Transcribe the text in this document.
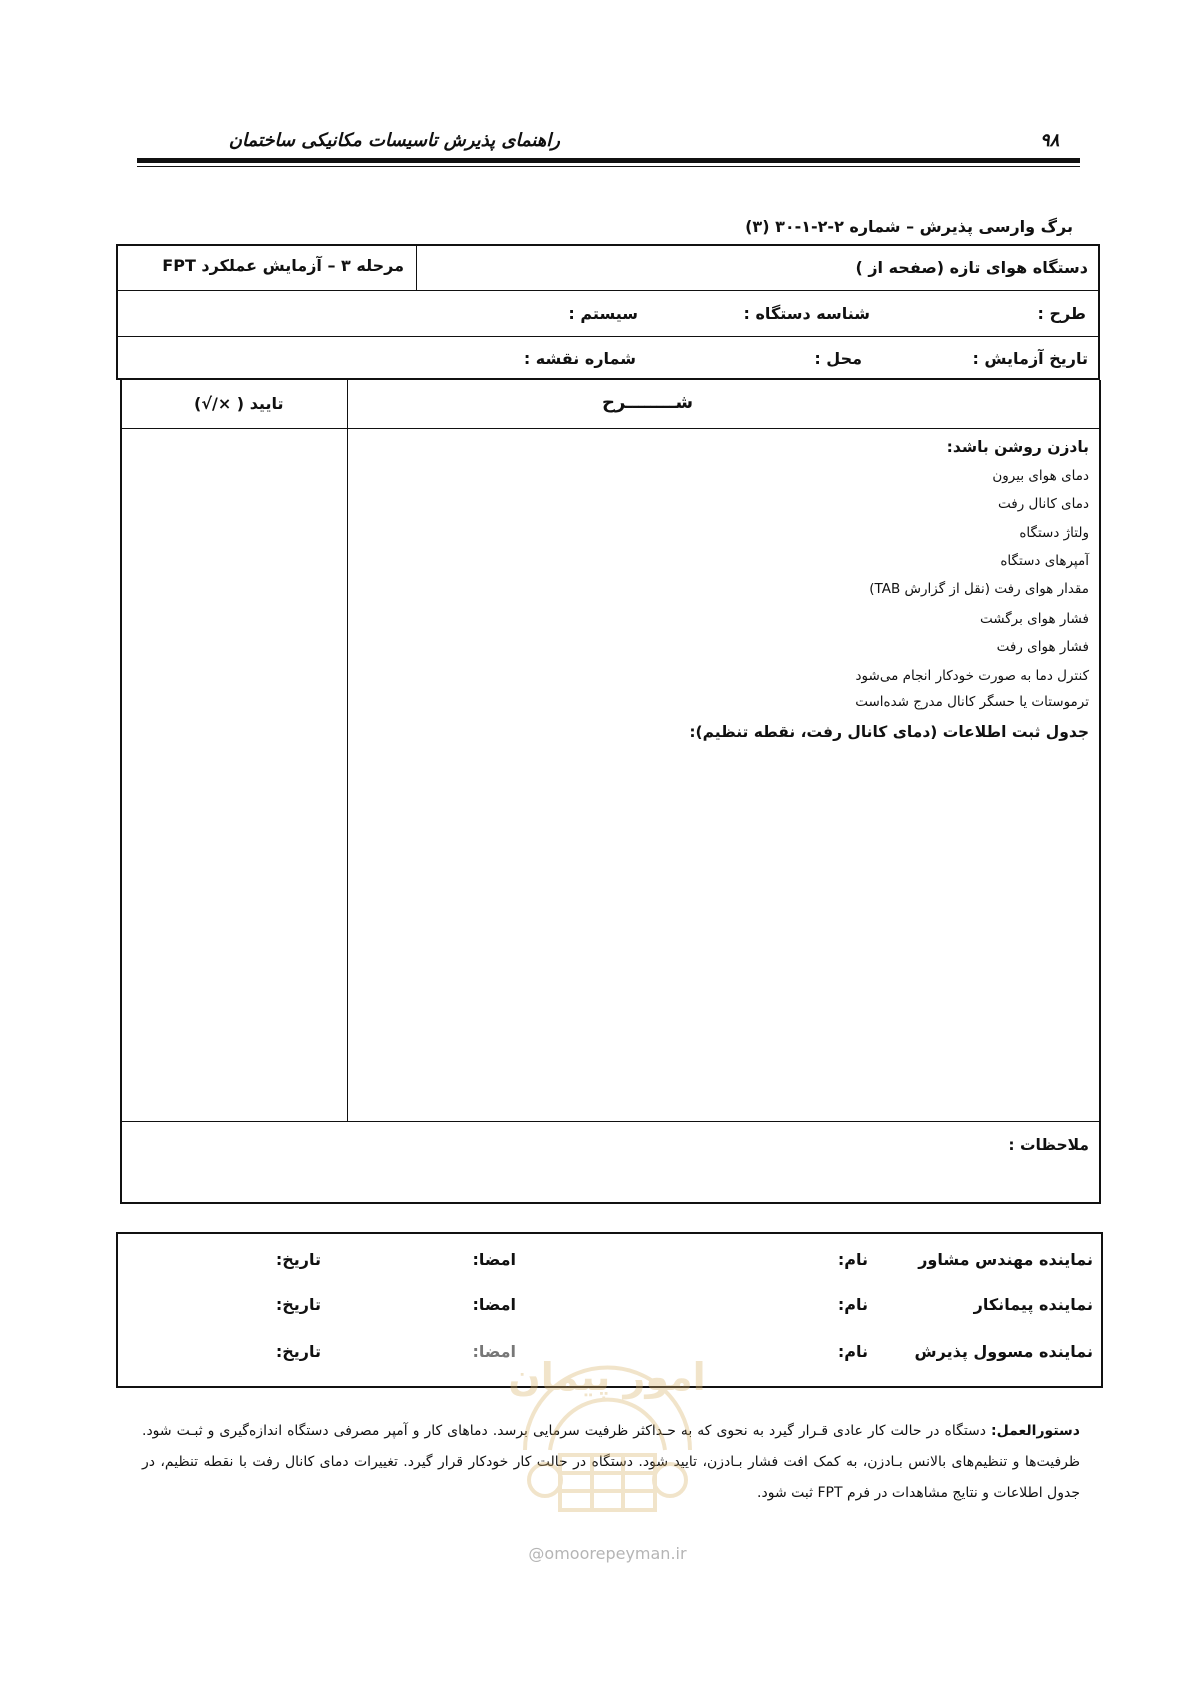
۹۸
راهنمای پذیرش تاسیسات مکانیکی ساختمان
برگ وارسی پذیرش – شماره ۲-۲-۱-۳۰ (۳)
دستگاه هوای تازه (صفحه از )
مرحله ۳ – آزمایش عملکرد FPT
طرح :
شناسه دستگاه :
سیستم :
تاریخ آزمایش :
محل :
شماره نقشه :
شــــــــرح
تایید ( ×/√)
بادزن روشن باشد:
دمای هوای بیرون
دمای کانال رفت
ولتاژ دستگاه
آمپرهای دستگاه
مقدار هوای رفت (نقل از گزارش TAB)
فشار هوای برگشت
فشار هوای رفت
کنترل دما به صورت خودکار انجام می‌شود
ترموستات یا حسگر کانال مدرج شده‌است
جدول ثبت اطلاعات (دمای کانال رفت، نقطه تنظیم):
ملاحظات :
نماینده مهندس مشاور
نام:
امضا:
تاریخ:
نماینده پیمانکار
نام:
امضا:
تاریخ:
نماینده مسوول پذیرش
نام:
امضا:
تاریخ:
دستورالعمل: دستگاه در حالت کار عادی قـرار گیرد به نحوی که به حـداکثر ظرفیت سرمایی برسد. دماهای کار و آمپر مصرفی دستگاه اندازه‌گیری و ثبـت شود. ظرفیت‌ها و تنظیم‌های بالانس بـادزن، به کمک افت فشار بـادزن، تایید شود. دستگاه در حالت کار خودکار قرار گیرد. تغییرات دمای کانال رفت با نقطه تنظیم، در جدول اطلاعات و نتایج مشاهدات در فرم FPT ثبت شود.
امور پیمان
@omoorepeyman.ir
